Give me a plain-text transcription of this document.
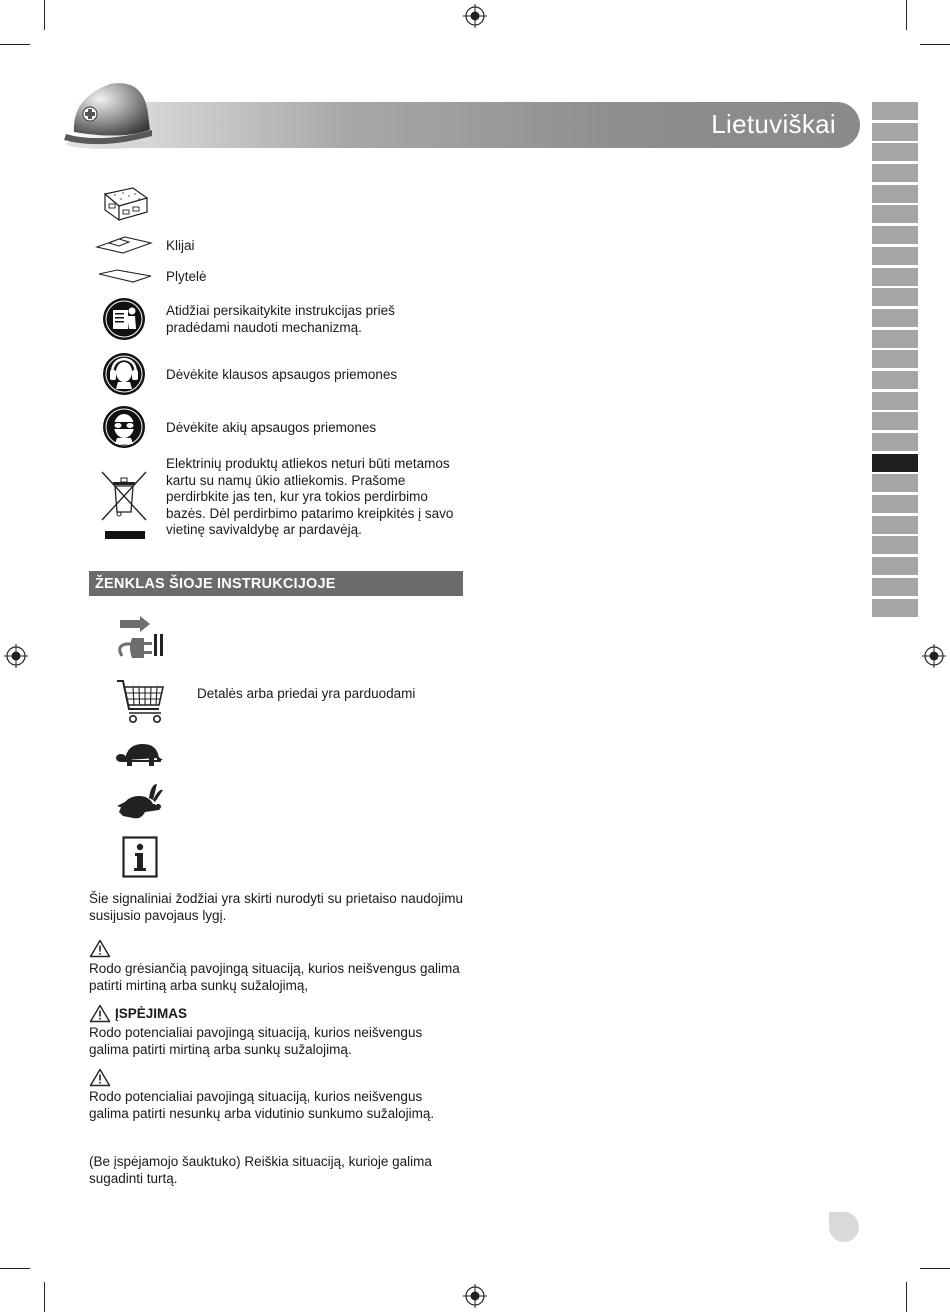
Lietuviškai
Klijai
Plytelė
Atidžiai persikaitykite instrukcijas prieš pradėdami naudoti mechanizmą.
Dėvėkite klausos apsaugos priemones
Dėvėkite akių apsaugos priemones
Elektrinių produktų atliekos neturi būti metamos kartu su namų ūkio atliekomis. Prašome perdirbkite jas ten, kur yra tokios perdirbimo bazės. Dėl perdirbimo patarimo kreipkitės į savo vietinę savivaldybę ar pardavėją.
ŽENKLAS ŠIOJE INSTRUKCIJOJE
Detalės arba priedai yra parduodami
Šie signaliniai žodžiai yra skirti nurodyti su prietaiso naudojimu susijusio pavojaus lygį.
Rodo grėsiančią pavojingą situaciją, kurios neišvengus galima patirti mirtiną arba sunkų sužalojimą,
ĮSPĖJIMAS
Rodo potencialiai pavojingą situaciją, kurios neišvengus galima patirti mirtiną arba sunkų sužalojimą.
Rodo potencialiai pavojingą situaciją, kurios neišvengus galima patirti nesunkų arba vidutinio sunkumo sužalojimą.
(Be įspėjamojo šauktuko) Reiškia situaciją, kurioje galima sugadinti turtą.
